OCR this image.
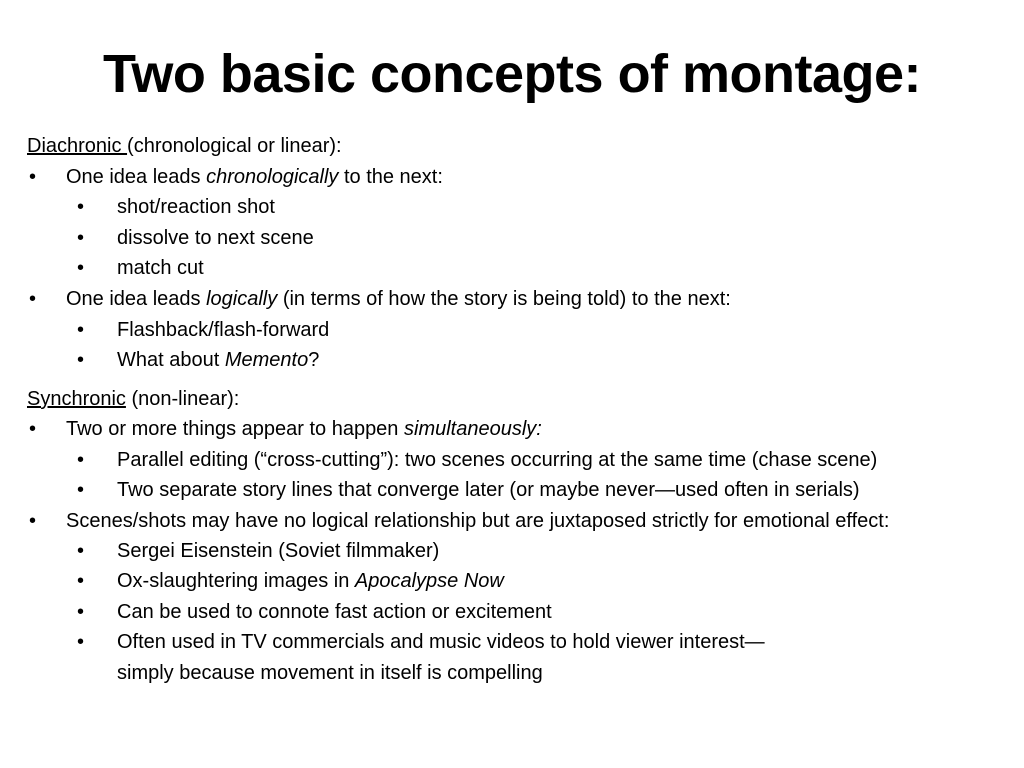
Two basic concepts of montage:
Diachronic (chronological or linear):
• One idea leads chronologically to the next:
• shot/reaction shot
• dissolve to next scene
• match cut
• One idea leads logically (in terms of how the story is being told) to the next:
• Flashback/flash-forward
• What about Memento?
Synchronic (non-linear):
• Two or more things appear to happen simultaneously:
• Parallel editing (“cross-cutting”): two scenes occurring at the same time (chase scene)
• Two separate story lines that converge later (or maybe never—used often in serials)
• Scenes/shots may have no logical relationship but are juxtaposed strictly for emotional effect:
• Sergei Eisenstein (Soviet filmmaker)
• Ox-slaughtering images in Apocalypse Now
• Can be used to connote fast action or excitement
• Often used in TV commercials and music videos to hold viewer interest—
simply because movement in itself is compelling
